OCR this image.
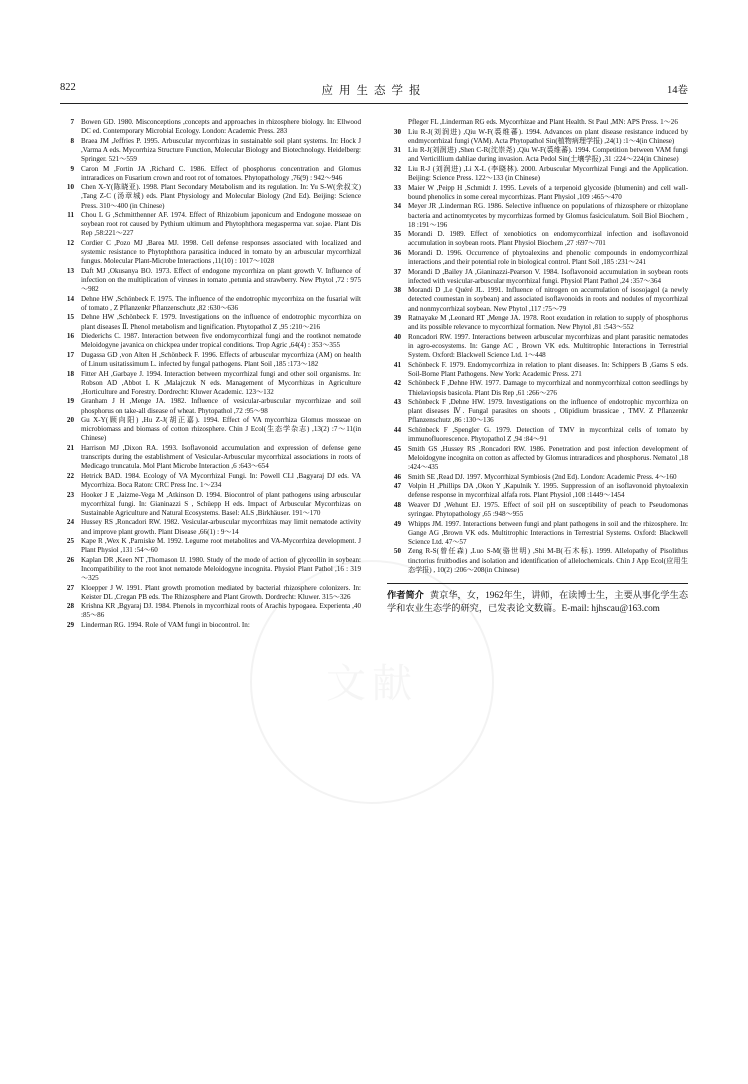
822	应用生态学报	14卷
文献
7 Bowen GD. 1980. Misconceptions ,concepts and approaches in rhizosphere biology. In: Ellwood DC ed. Contemporary Microbial Ecology. London: Academic Press. 283
8 Braea JM ,Jeffries P. 1995. Arbuscular mycorrhizas in sustainable soil plant systems. In: Hock J ,Varma A eds. Mycorrhiza Structure Function, Molecular Biology and Biotechnology. Heidelberg: Springer. 521～559
9 Caron M ,Fortin JA ,Richard C. 1986. Effect of phosphorus concentration and Glomus intraradices on Fusarium crown and root rot of tomatoes. Phytopathology ,76(9) : 942～946
10 Chen X-Y(陈晓亚). 1998. Plant Secondary Metabolism and its regulation. In: Yu S-W(余叔文) ,Tang Z-C (汤章城) eds. Plant Physiology and Molecular Biology (2nd Ed). Beijing: Science Press. 310～400 (in Chinese)
11 Chou L G ,Schmitthenner AF. 1974. Effect of Rhizobium japonicum and Endogone mosseae on soybean root rot caused by Pythium ultimum and Phytophthora megasperma var. sojae. Plant Dis Rep ,58:221～227
12 Cordier C ,Pozo MJ ,Barea MJ. 1998. Cell defense responses associated with localized and systemic resistance to Phytophthora parasitica induced in tomato by an arbuscular mycorrhizal fungus. Molecular Plant-Microbe Interactions ,11(10) : 1017～1028
13 Daft MJ ,Okusanya BO. 1973. Effect of endogone mycorrhiza on plant growth V. Influence of infection on the multiplication of viruses in tomato ,petunia and strawberry. New Phytol ,72 : 975～982
14 Dehne HW ,Schönbeck F. 1975. The influence of the endotrophic mycorrhiza on the fusarial wilt of tomato , Z Pflanzenkr Pflanzenschutz ,82 :630～636
15 Dehne HW ,Schönbeck F. 1979. Investigations on the influence of endotrophic mycorrhiza on plant diseases Ⅱ. Phenol metabolism and lignification. Phytopathol Z ,95 :210～216
16 Diederichs C. 1987. Interaction between five endomycorrhizal fungi and the rootknot nematode Meloidogyne javanica on chickpea under tropical conditions. Trop Agric ,64(4) : 353～355
17 Dugassa GD ,von Alten H ,Schönbeck F. 1996. Effects of arbuscular mycorrhiza (AM) on health of Linum usitatissimum L. infected by fungal pathogens. Plant Soil ,185 :173～182
18 Fitter AH ,Garbaye J. 1994. Interaction between mycorrhizal fungi and other soil organisms. In: Robson AD ,Abbot L K ,Malajczuk N eds. Management of Mycorrhizas in Agriculture ,Horticulture and Forestry. Dordrecht: Kluwer Academic. 123～132
19 Granham J H ,Menge JA. 1982. Influence of vesicular-arbuscular mycorrhizae and soil phosphorus on take-all disease of wheat. Phytopathol ,72 :95～98
20 Gu X-Y(顾向阳) ,Hu Z-J(胡正嘉). 1994. Effect of VA mycorrhiza Glomus mosseae on microbiomass and biomass of cotton rhizosphere. Chin J Ecol(生态学杂志) ,13(2) :7～11(in Chinese)
21 Harrison MJ ,Dixon RA. 1993. Isoflavonoid accumulation and expression of defense gene transcripts during the establishment of Vesicular-Arbuscular mycorrhizal associations in roots of Medicago truncatula. Mol Plant Microbe Interaction ,6 :643～654
22 Hetrick BAD. 1984. Ecology of VA Mycorrhizal Fungi. In: Powell CLl ,Bagyaraj DJ eds. VA Mycorrhiza. Boca Raton: CRC Press Inc. 1～234
23 Hooker J E ,Jaizme-Vega M ,Atkinson D. 1994. Biocontrol of plant pathogens using arbuscular mycorrhizal fungi. In: Gianinazzi S , Schüepp H eds. Impact of Arbuscular Mycorrhizas on Sustainable Agriculture and Natural Ecosystems. Basel: ALS ,Birkhäuser. 191～170
24 Hussey RS ,Roncadori RW. 1982. Vesicular-arbuscular mycorrhizas may limit nematode activity and improve plant growth. Plant Disease ,66(1) : 9～14
25 Kape R ,Wex K ,Parniske M. 1992. Legume root metabolites and VA-Mycorrhiza development. J Plant Physiol ,131 :54～60
26 Kaplan DR ,Keen NT ,Thomason IJ. 1980. Study of the mode of action of glyceollin in soybean: Incompatibility to the root knot nematode Meloidogyne incognita. Physiol Plant Pathol ,16 : 319～325
27 Kloepper J W. 1991. Plant growth promotion mediated by bacterial rhizosphere colonizers. In: Keister DL ,Cregan PB eds. The Rhizosphere and Plant Growth. Dordrecht: Kluwer. 315～326
28 Krishna KR ,Bgyaraj DJ. 1984. Phenols in mycorrhizal roots of Arachis hypogaea. Experienta ,40 :85～86
29 Linderman RG. 1994. Role of VAM fungi in biocontrol. In:
Pfleger FL ,Linderman RG eds. Mycorrhizae and Plant Health. St Paul ,MN: APS Press. 1～26
30 Liu R-J(刘润进) ,Qiu W-F(裘维蕃). 1994. Advances on plant disease resistance induced by endmycorrhizal fungi (VAM). Acta Phytopathol Sin(植物病理学报) ,24(1) :1～4(in Chinese)
31 Liu R-J(刘润进) ,Shen C-R(沈崇尧) ,Qiu W-F(裘维蕃). 1994. Competition between VAM fungi and Verticillium dahliae during invasion. Acta Pedol Sin(土壤学报) ,31 :224～224(in Chinese)
32 Liu R-J (刘润进) ,Li X-L (李晓林). 2000. Arbuscular Mycorrhizal Fungi and the Application. Beijing: Science Press. 122～133 (in Chinese)
33 Maier W ,Peipp H ,Schmidt J. 1995. Levels of a terpenoid glycoside (blumenin) and cell wall-bound phenolics in some cereal mycorrhizas. Plant Physiol ,109 :465～470
34 Meyer JR ,Linderman RG. 1986. Selective influence on populations of rhizosphere or rhizoplane bacteria and actinomtycetes by mycorrhizas formed by Glomus fasiciculatum. Soil Biol Biochem , 18 :191～196
35 Morandi D. 1989. Effect of xenobiotics on endomycorrhizal infection and isoflavonoid accumulation in soybean roots. Plant Physiol Biochem ,27 :697～701
36 Morandi D. 1996. Occurrence of phytoalexins and phenolic compounds in endomycorrhizal interactions ,and their potential role in biological control. Plant Soil ,185 :231～241
37 Morandi D ,Bailey JA ,Gianinazzi-Pearson V. 1984. Isoflavonoid accumulation in soybean roots infected with vesicular-arbuscular mycorrhizal fungi. Physiol Plant Pathol ,24 :357～364
38 Morandi D ,Le Quéré JL. 1991. Influence of nitrogen on accumulation of isosojagol (a newly detected coumestan in soybean) and associated isoflavonoids in roots and nodules of mycorrhizal and nonmycorrhizal soybean. New Phytol ,117 :75～79
39 Ratnayake M ,Leonard RT ,Menge JA. 1978. Root exudation in relation to supply of phosphorus and its possible relevance to mycorrhizal formation. New Phytol ,81 :543～552
40 Roncadori RW. 1997. Interactions between arbuscular mycorrhizas and plant parasitic nematodes in agro-ecosystems. In: Gange AC , Brown VK eds. Multitrophic Interactions in Terrestrial System. Oxford: Blackwell Science Ltd. 1～448
41 Schönbeck F. 1979. Endomycorrhiza in relation to plant diseases. In: Schippers B ,Gams S eds. Soil-Borne Plant Pathogens. New York: Academic Press. 271
42 Schönbeck F ,Dehne HW. 1977. Damage to mycorrhizal and nonmycorrhizal cotton seedlings by Thielaviopsis basicola. Plant Dis Rep ,61 :266～276
43 Schönbeck F ,Dehne HW. 1979. Investigations on the influence of endotrophic mycorrhiza on plant diseases Ⅳ. Fungal parasites on shoots , Olipidium brassicae , TMV. Z Pflanzenkr Pflanzenschutz ,86 :130～136
44 Schönbeck F ,Spengler G. 1979. Detection of TMV in mycorrhizal cells of tomato by immunofluorescence. Phytopathol Z ,94 :84～91
45 Smith GS ,Hussey RS ,Roncadori RW. 1986. Penetration and post infection development of Meloidogyne incognita on cotton as affected by Glomus intraradices and phosphorus. Nematol ,18 :424～435
46 Smith SE ,Read DJ. 1997. Mycorrhizal Symbiosis (2nd Ed). London: Academic Press. 4～160
47 Volpin H ,Phillips DA ,Okon Y ,Kapulnik Y. 1995. Suppression of an isoflavonoid phytoalexin defense response in mycorrhizal alfafa rots. Plant Physiol ,108 :1449～1454
48 Weaver DJ ,Wehunt EJ. 1975. Effect of soil pH on susceptibility of peach to Pseudomonas syringae. Phytopathology ,65 :948～955
49 Whipps JM. 1997. Interactions between fungi and plant pathogens in soil and the rhizosphere. In: Gange AG ,Brown VK eds. Multitrophic Interactions in Terrestrial Systems. Oxford: Blackwell Science Ltd. 47～57
50 Zeng R-S(曾任森) ,Luo S-M(骆世明) ,Shi M-B(石木标). 1999. Allelopathy of Pisolithus tinctorius fruitbodies and isolation and identification of allelochemicals. Chin J App Ecol(应用生态学报) , 10(2) :206～208(in Chinese)
作者简介 黄京华，女，1962年生，讲师，在读博士生，主要从事化学生态学和农业生态学的研究，已发表论文数篇。E-mail: hjhscau@163.com
